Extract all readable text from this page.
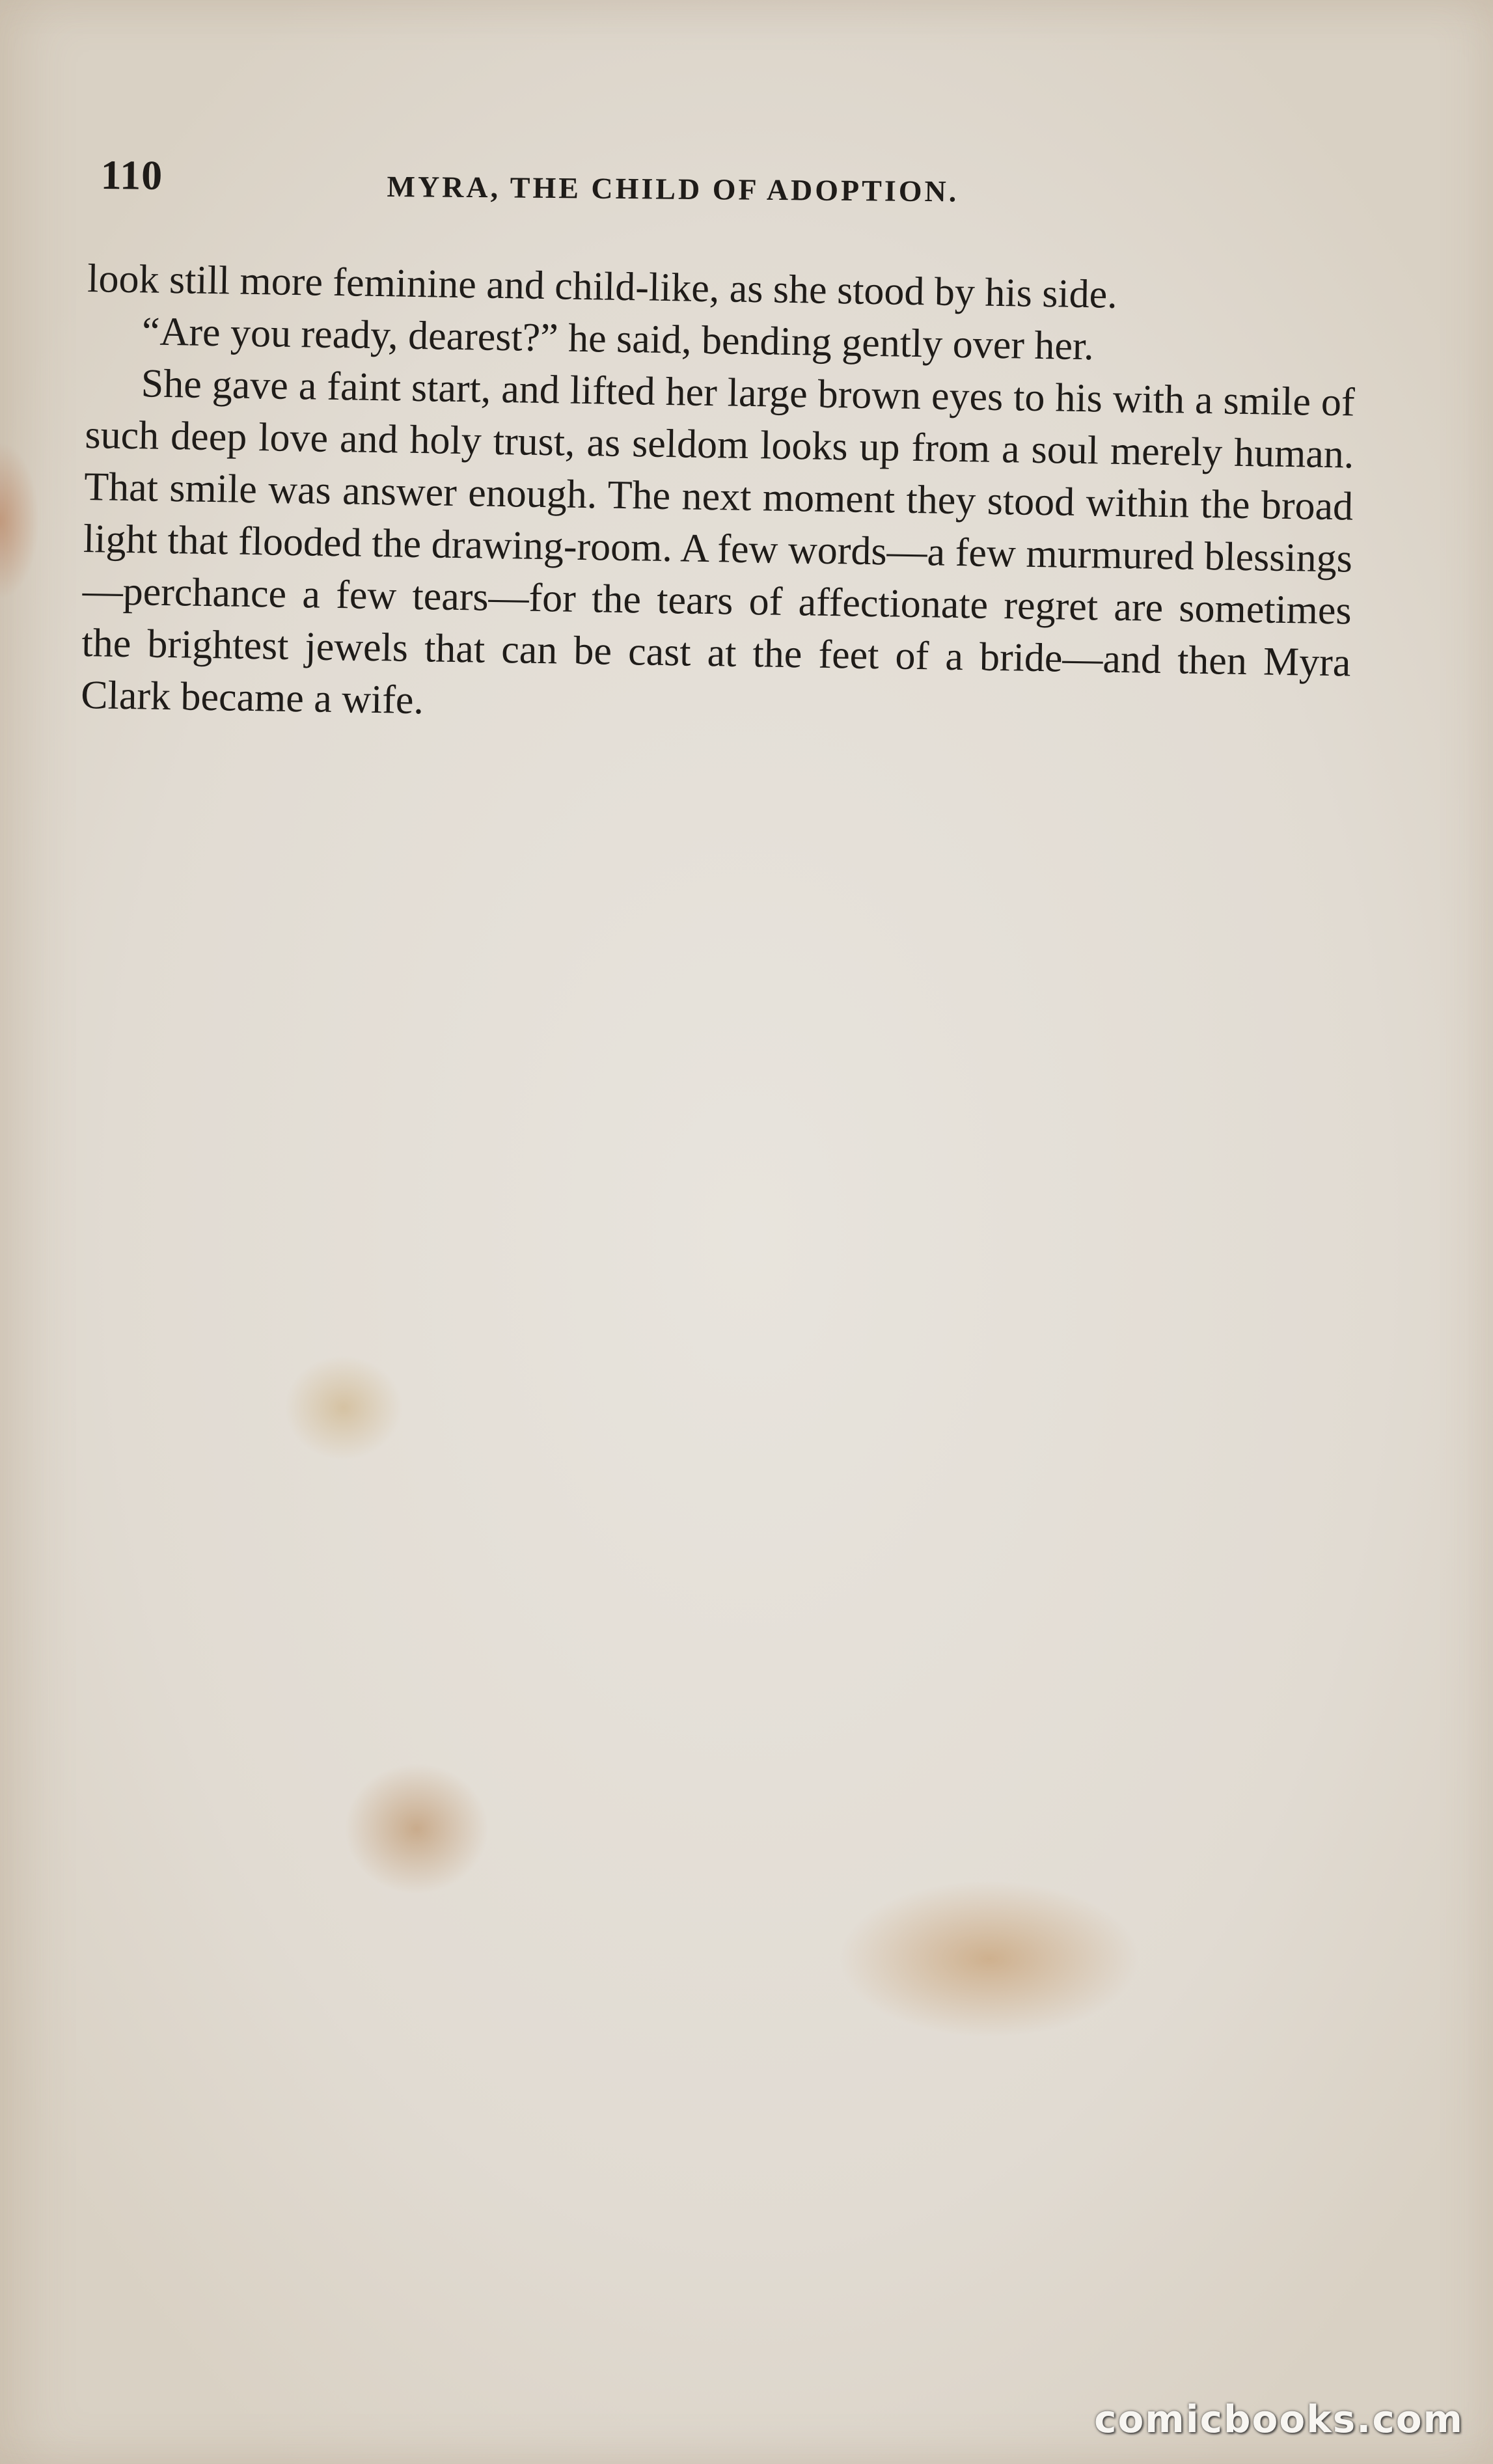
110	MYRA, THE CHILD OF ADOPTION.

look still more feminine and child-like, as she stood by his side.

“Are you ready, dearest?” he said, bending gently over her.

She gave a faint start, and lifted her large brown eyes to his with a smile of such deep love and holy trust, as seldom looks up from a soul merely human. That smile was answer enough. The next moment they stood within the broad light that flooded the drawing-room. A few words—a few murmured blessings—perchance a few tears—for the tears of affectionate regret are sometimes the brightest jewels that can be cast at the feet of a bride—and then Myra Clark became a wife.

comicbooks.com
